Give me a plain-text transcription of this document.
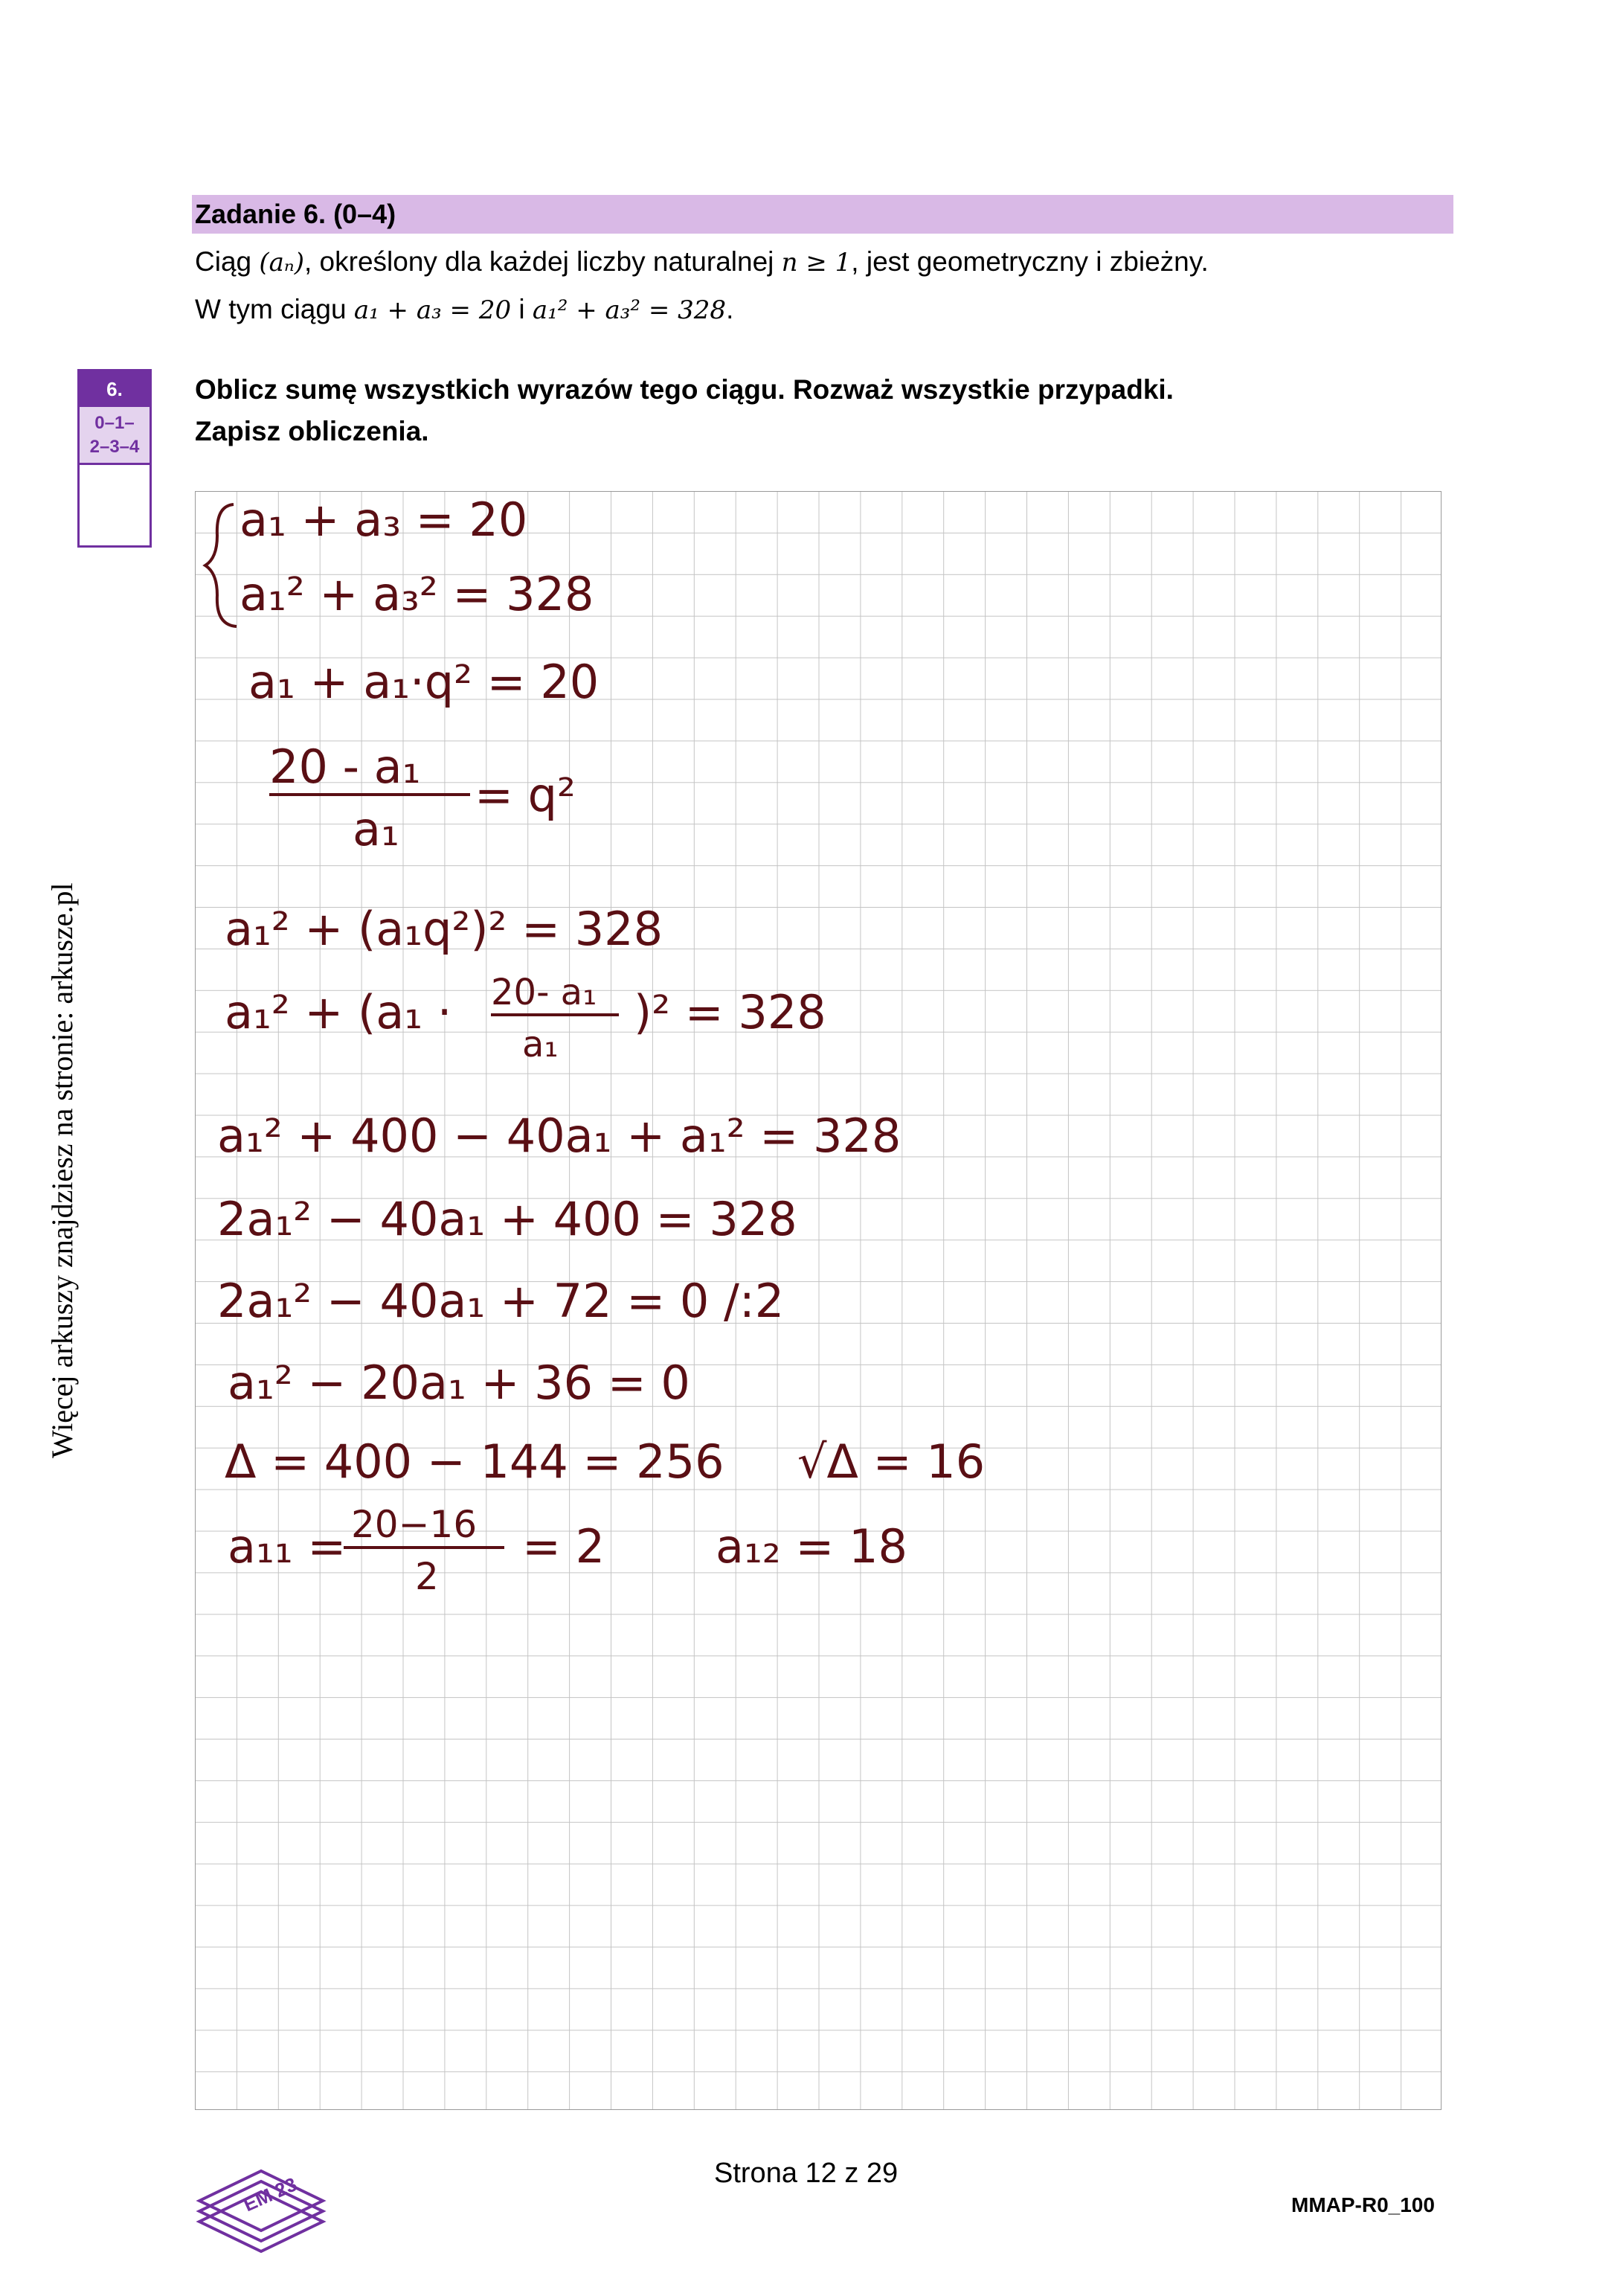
Więcej arkuszy znajdziesz na stronie: arkusze.pl
Zadanie 6. (0–4)
Ciąg (aₙ), określony dla każdej liczby naturalnej n ≥ 1, jest geometryczny i zbieżny.
W tym ciągu a₁ + a₃ = 20 i a₁² + a₃² = 328.
Oblicz sumę wszystkich wyrazów tego ciągu. Rozważ wszystkie przypadki.
Zapisz obliczenia.
6.
0–1–
2–3–4
a₁ + a₃ = 20
a₁² + a₃² = 328
a₁ + a₁·q² = 20
20 - a₁
a₁
= q²
a₁² + (a₁q²)² = 328
a₁² + (a₁ · 20- a₁
a₁
)² = 328
a₁² + 400 − 40a₁ + a₁² = 328
2a₁² − 40a₁ + 400 = 328
2a₁² − 40a₁ + 72 = 0 /:2
a₁² − 20a₁ + 36 = 0
Δ = 400 − 144 = 256 √Δ = 16
a₁₁ = 20−16
2
= 2 a₁₂ = 18
EM 23	Strona 12 z 29
MMAP-R0_100
